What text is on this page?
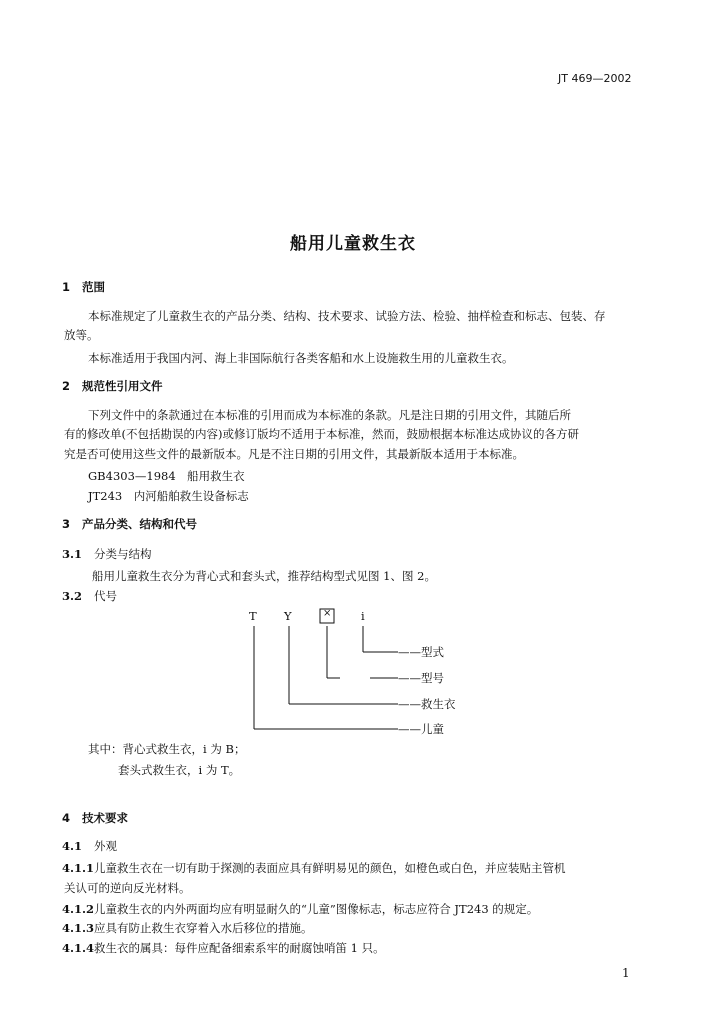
JT 469—2002
船用儿童救生衣
1 范围
本标准规定了儿童救生衣的产品分类、结构、技术要求、试验方法、检验、抽样检查和标志、包装、存
放等。
本标准适用于我国内河、海上非国际航行各类客船和水上设施救生用的儿童救生衣。
2 规范性引用文件
下列文件中的条款通过在本标准的引用而成为本标准的条款。凡是注日期的引用文件，其随后所
有的修改单(不包括勘误的内容)或修订版均不适用于本标准，然而，鼓励根据本标准达成协议的各方研
究是否可使用这些文件的最新版本。凡是不注日期的引用文件，其最新版本适用于本标准。
GB4303—1984　船用救生衣
JT243　内河船舶救生设备标志
3 产品分类、结构和代号
3.1 分类与结构
船用儿童救生衣分为背心式和套头式，推荐结构型式见图 1、图 2。
3.2 代号
T Y	×	i
——型式
——型号
——救生衣
——儿童
其中：背心式救生衣，i 为 B；
套头式救生衣，i 为 T。
4 技术要求
4.1 外观
4.1.1儿童救生衣在一切有助于探测的表面应具有鲜明易见的颜色，如橙色或白色，并应装贴主管机
关认可的逆向反光材料。
4.1.2儿童救生衣的内外两面均应有明显耐久的“儿童”图像标志，标志应符合 JT243 的规定。
4.1.3应具有防止救生衣穿着入水后移位的措施。
4.1.4救生衣的属具：每件应配备细索系牢的耐腐蚀哨笛 1 只。
1
